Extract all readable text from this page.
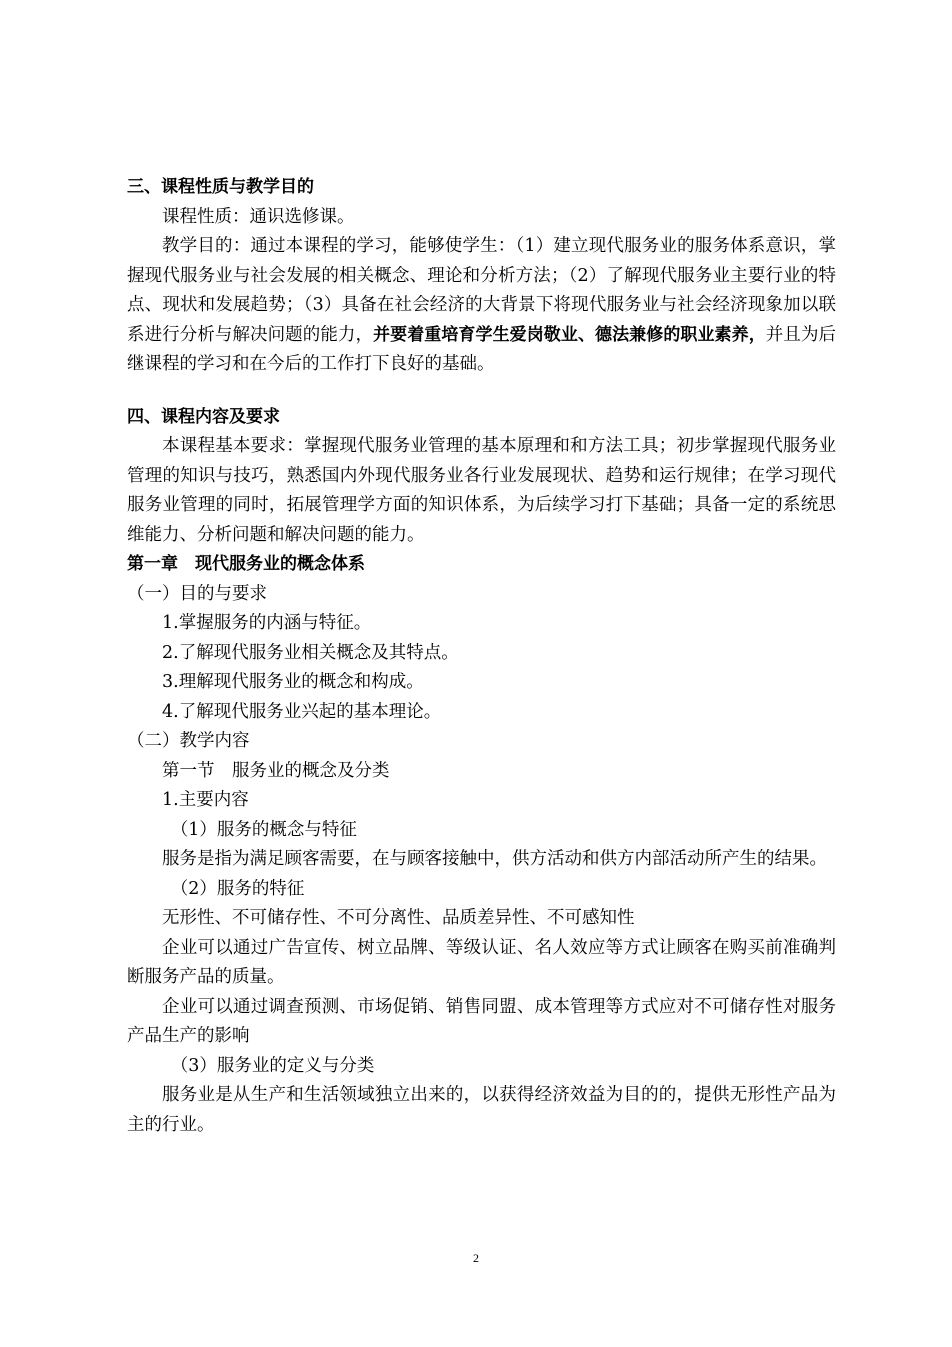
三、课程性质与教学目的

课程性质：通识选修课。

教学目的：通过本课程的学习，能够使学生：（1）建立现代服务业的服务体系意识，掌握现代服务业与社会发展的相关概念、理论和分析方法；（2）了解现代服务业主要行业的特点、现状和发展趋势；（3）具备在社会经济的大背景下将现代服务业与社会经济现象加以联系进行分析与解决问题的能力，并要着重培育学生爱岗敬业、德法兼修的职业素养，并且为后继课程的学习和在今后的工作打下良好的基础。

四、课程内容及要求

本课程基本要求：掌握现代服务业管理的基本原理和和方法工具；初步掌握现代服务业管理的知识与技巧，熟悉国内外现代服务业各行业发展现状、趋势和运行规律；在学习现代服务业管理的同时，拓展管理学方面的知识体系，为后续学习打下基础；具备一定的系统思维能力、分析问题和解决问题的能力。

第一章　现代服务业的概念体系

（一）目的与要求

1.掌握服务的内涵与特征。

2.了解现代服务业相关概念及其特点。

3.理解现代服务业的概念和构成。

4.了解现代服务业兴起的基本理论。

（二）教学内容

第一节　服务业的概念及分类

1.主要内容

（1）服务的概念与特征

服务是指为满足顾客需要，在与顾客接触中，供方活动和供方内部活动所产生的结果。

（2）服务的特征

无形性、不可储存性、不可分离性、品质差异性、不可感知性

企业可以通过广告宣传、树立品牌、等级认证、名人效应等方式让顾客在购买前准确判断服务产品的质量。

企业可以通过调查预测、市场促销、销售同盟、成本管理等方式应对不可储存性对服务产品生产的影响

（3）服务业的定义与分类

服务业是从生产和生活领域独立出来的，以获得经济效益为目的的，提供无形性产品为主的行业。

2
